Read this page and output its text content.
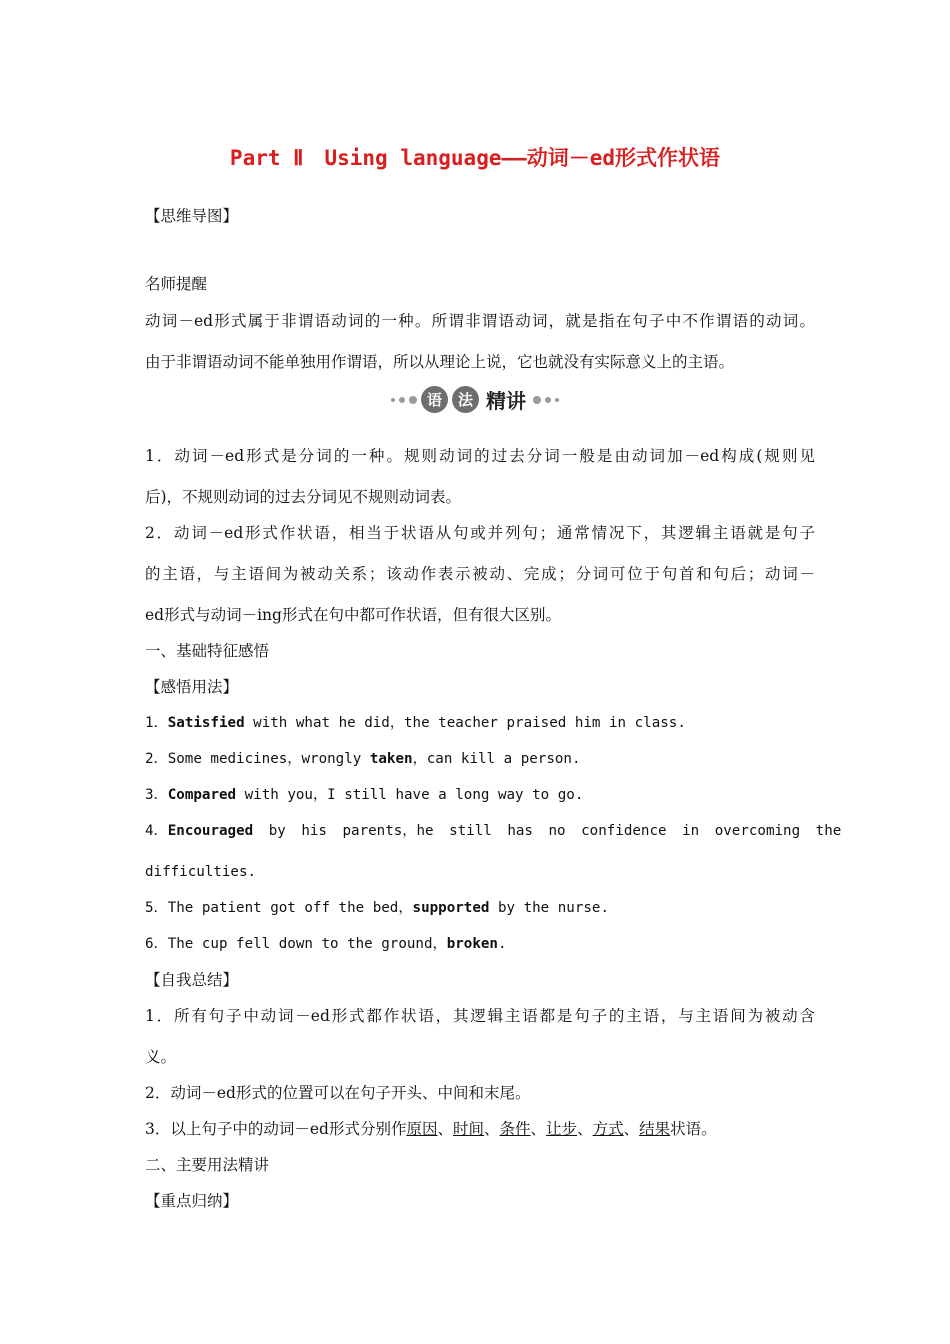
Part Ⅱ　Using language——动词－ed形式作状语
【思维导图】
名师提醒
动词－ed形式属于非谓语动词的一种。所谓非谓语动词，就是指在句子中不作谓语的动词。
由于非谓语动词不能单独用作谓语，所以从理论上说，它也就没有实际意义上的主语。
语	法 精讲
1．动词－ed形式是分词的一种。规则动词的过去分词一般是由动词加－ed构成(规则见
后)，不规则动词的过去分词见不规则动词表。
2．动词－ed形式作状语，相当于状语从句或并列句；通常情况下，其逻辑主语就是句子
的主语，与主语间为被动关系；该动作表示被动、完成；分词可位于句首和句后；动词－
ed形式与动词－ing形式在句中都可作状语，但有很大区别。
一、基础特征感悟
【感悟用法】
1．Satisfied with what he did，the teacher praised him in class.
2．Some medicines，wrongly taken，can kill a person.
3．Compared with you，I still have a long way to go.
4．Encouraged by his parents，he still has no confidence in overcoming the
difficulties.
5．The patient got off the bed，supported by the nurse.
6．The cup fell down to the ground，broken.
【自我总结】
1．所有句子中动词－ed形式都作状语，其逻辑主语都是句子的主语，与主语间为被动含
义。
2．动词－ed形式的位置可以在句子开头、中间和末尾。
3．以上句子中的动词－ed形式分别作原因、时间、条件、让步、方式、结果状语。
二、主要用法精讲
【重点归纳】
